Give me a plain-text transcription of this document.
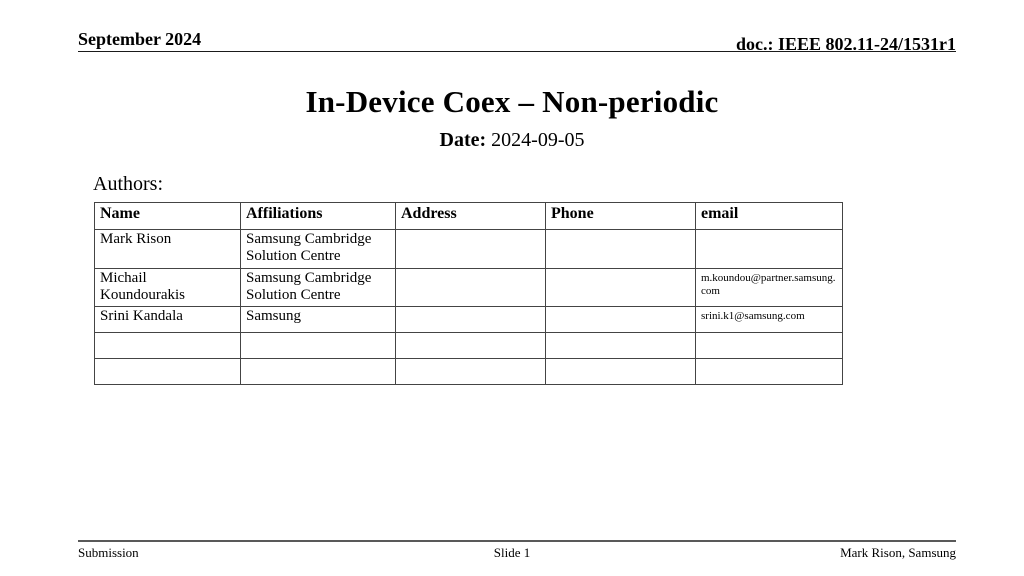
September 2024	doc.: IEEE 802.11-24/1531r1
In-Device Coex – Non-periodic
Date: 2024-09-05
Authors:
Name	Affiliations	Address	Phone	email
Mark Rison	Samsung Cambridge Solution Centre			
Michail Koundourakis	Samsung Cambridge Solution Centre			m.koundou@partner.samsung.com
Srini Kandala	Samsung			srini.k1@samsung.com

Slide 1
Submission	Mark Rison, Samsung
